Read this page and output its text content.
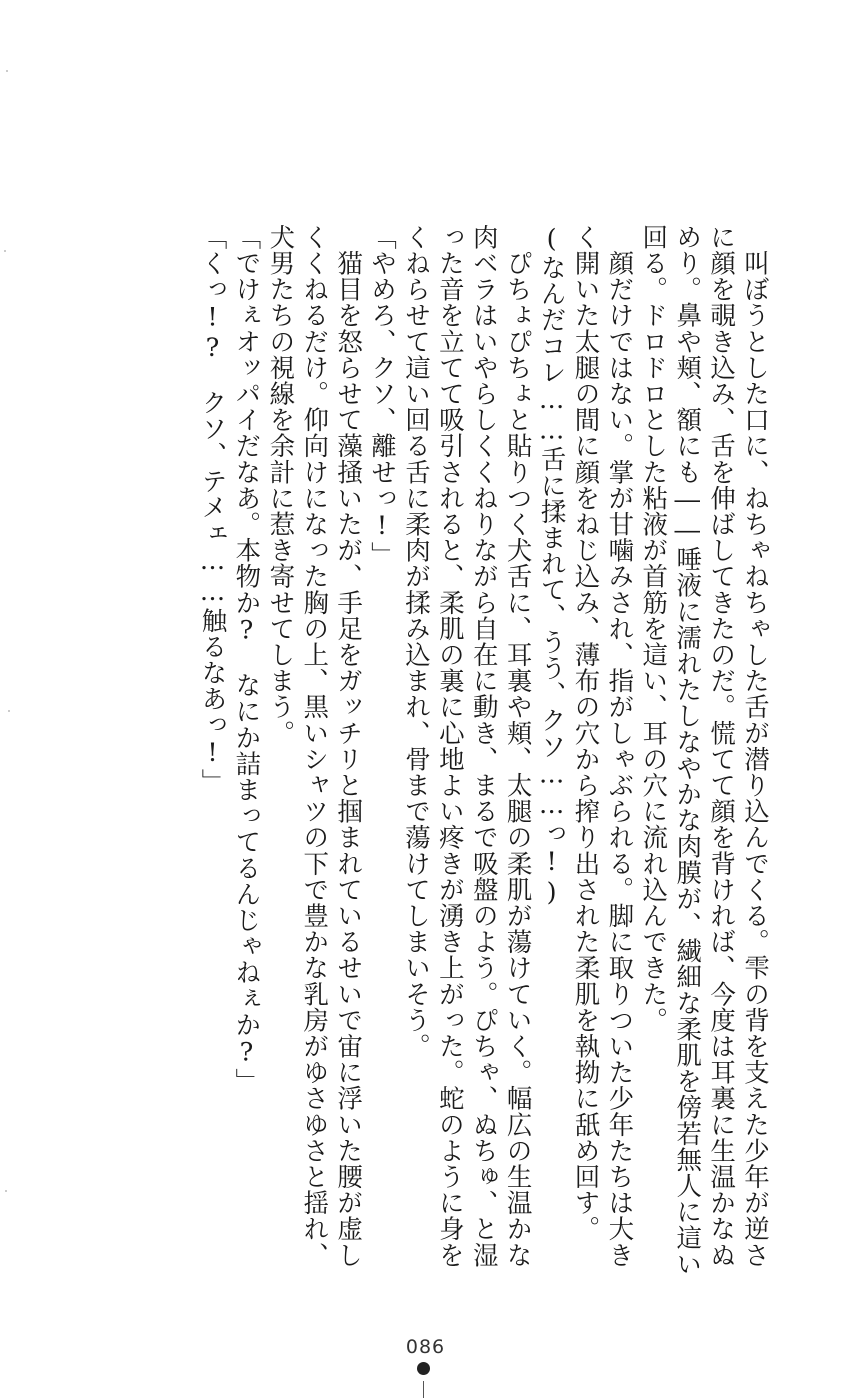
　叫ぼうとした口に、ねちゃねちゃした舌が潜り込んでくる。雫の背を支えた少年が逆さ
に顔を覗き込み、舌を伸ばしてきたのだ。慌てて顔を背ければ、今度は耳裏に生温かなぬ
めり。鼻や頬、額にも――唾液に濡れたしなやかな肉膜が、繊細な柔肌を傍若無人に這い
回る。ドロドロとした粘液が首筋を這い、耳の穴に流れ込んできた。
　顔だけではない。掌が甘噛みされ、指がしゃぶられる。脚に取りついた少年たちは大き
く開いた太腿の間に顔をねじ込み、薄布の穴から搾り出された柔肌を執拗に舐め回す。
(なんだコレ……舌に揉まれて、うう、クソ……っ!)
　ぴちょぴちょと貼りつく犬舌に、耳裏や頬、太腿の柔肌が蕩けていく。幅広の生温かな
肉ベラはいやらしくくねりながら自在に動き、まるで吸盤のよう。ぴちゃ、ぬちゅ、と湿
った音を立てて吸引されると、柔肌の裏に心地よい疼きが湧き上がった。蛇のように身を
くねらせて這い回る舌に柔肉が揉み込まれ、骨まで蕩けてしまいそう。
「やめろ、クソ、離せっ!」
　猫目を怒らせて藻掻いたが、手足をガッチリと掴まれているせいで宙に浮いた腰が虚し
くくねるだけ。仰向けになった胸の上、黒いシャツの下で豊かな乳房がゆさゆさと揺れ、
犬男たちの視線を余計に惹き寄せてしまう。
「でけぇオッパイだなあ。本物か?　なにか詰まってるんじゃねぇか?」
「くっ!?　クソ、テメェ……触るなあっ!」
086
